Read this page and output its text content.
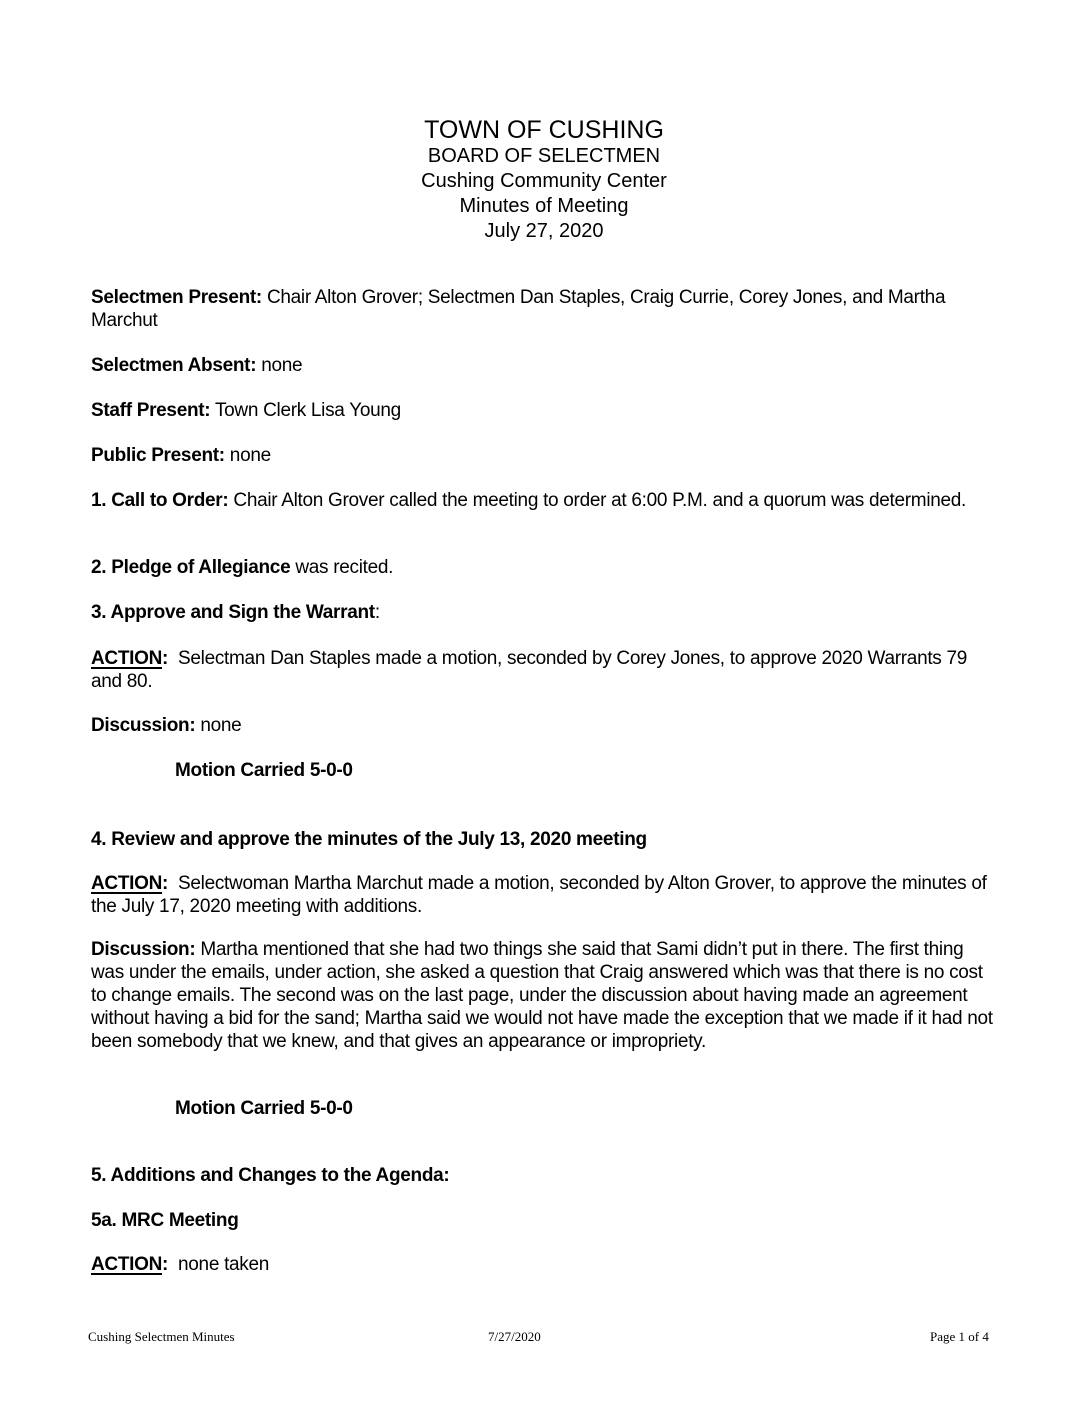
TOWN OF CUSHING
BOARD OF SELECTMEN
Cushing Community Center
Minutes of Meeting
July 27, 2020
Selectmen Present: Chair Alton Grover; Selectmen Dan Staples, Craig Currie, Corey Jones, and Martha Marchut
Selectmen Absent: none
Staff Present: Town Clerk Lisa Young
Public Present: none
1. Call to Order: Chair Alton Grover called the meeting to order at 6:00 P.M. and a quorum was determined.
2. Pledge of Allegiance was recited.
3. Approve and Sign the Warrant:
ACTION:  Selectman Dan Staples made a motion, seconded by Corey Jones, to approve 2020 Warrants 79 and 80.
Discussion: none
Motion Carried 5-0-0
4. Review and approve the minutes of the July 13, 2020 meeting
ACTION:  Selectwoman Martha Marchut made a motion, seconded by Alton Grover, to approve the minutes of the July 17, 2020 meeting with additions.
Discussion: Martha mentioned that she had two things she said that Sami didn’t put in there. The first thing was under the emails, under action, she asked a question that Craig answered which was that there is no cost to change emails. The second was on the last page, under the discussion about having made an agreement without having a bid for the sand; Martha said we would not have made the exception that we made if it had not been somebody that we knew, and that gives an appearance or impropriety.
Motion Carried 5-0-0
5. Additions and Changes to the Agenda:
5a. MRC Meeting
ACTION:  none taken
Cushing Selectmen Minutes	7/27/2020	Page 1 of 4
